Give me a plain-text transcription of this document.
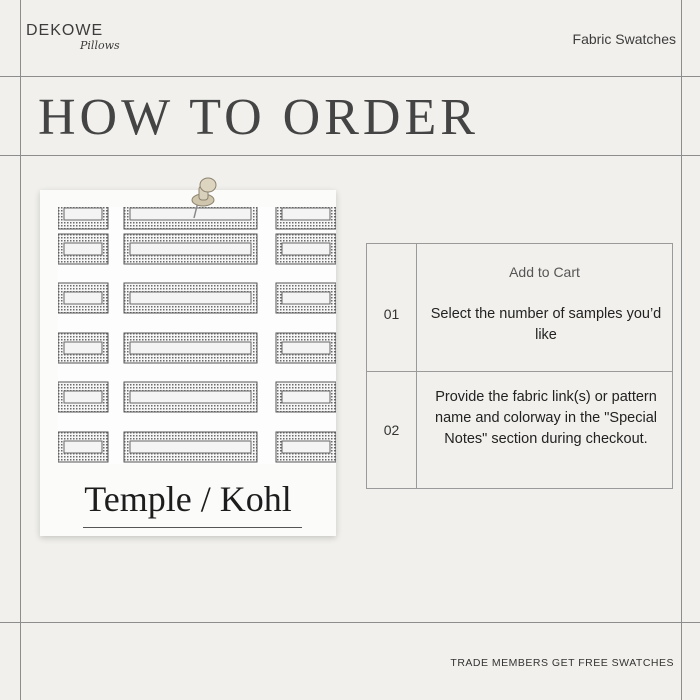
DEKOWE
Pillows	Fabric Swatches
HOW TO ORDER
Temple / Kohl
Add to Cart
01	Select the number of samples you’d like
02
Provide the fabric link(s) or pattern name and colorway in the "Special Notes" section during checkout.
TRADE MEMBERS GET FREE SWATCHES
